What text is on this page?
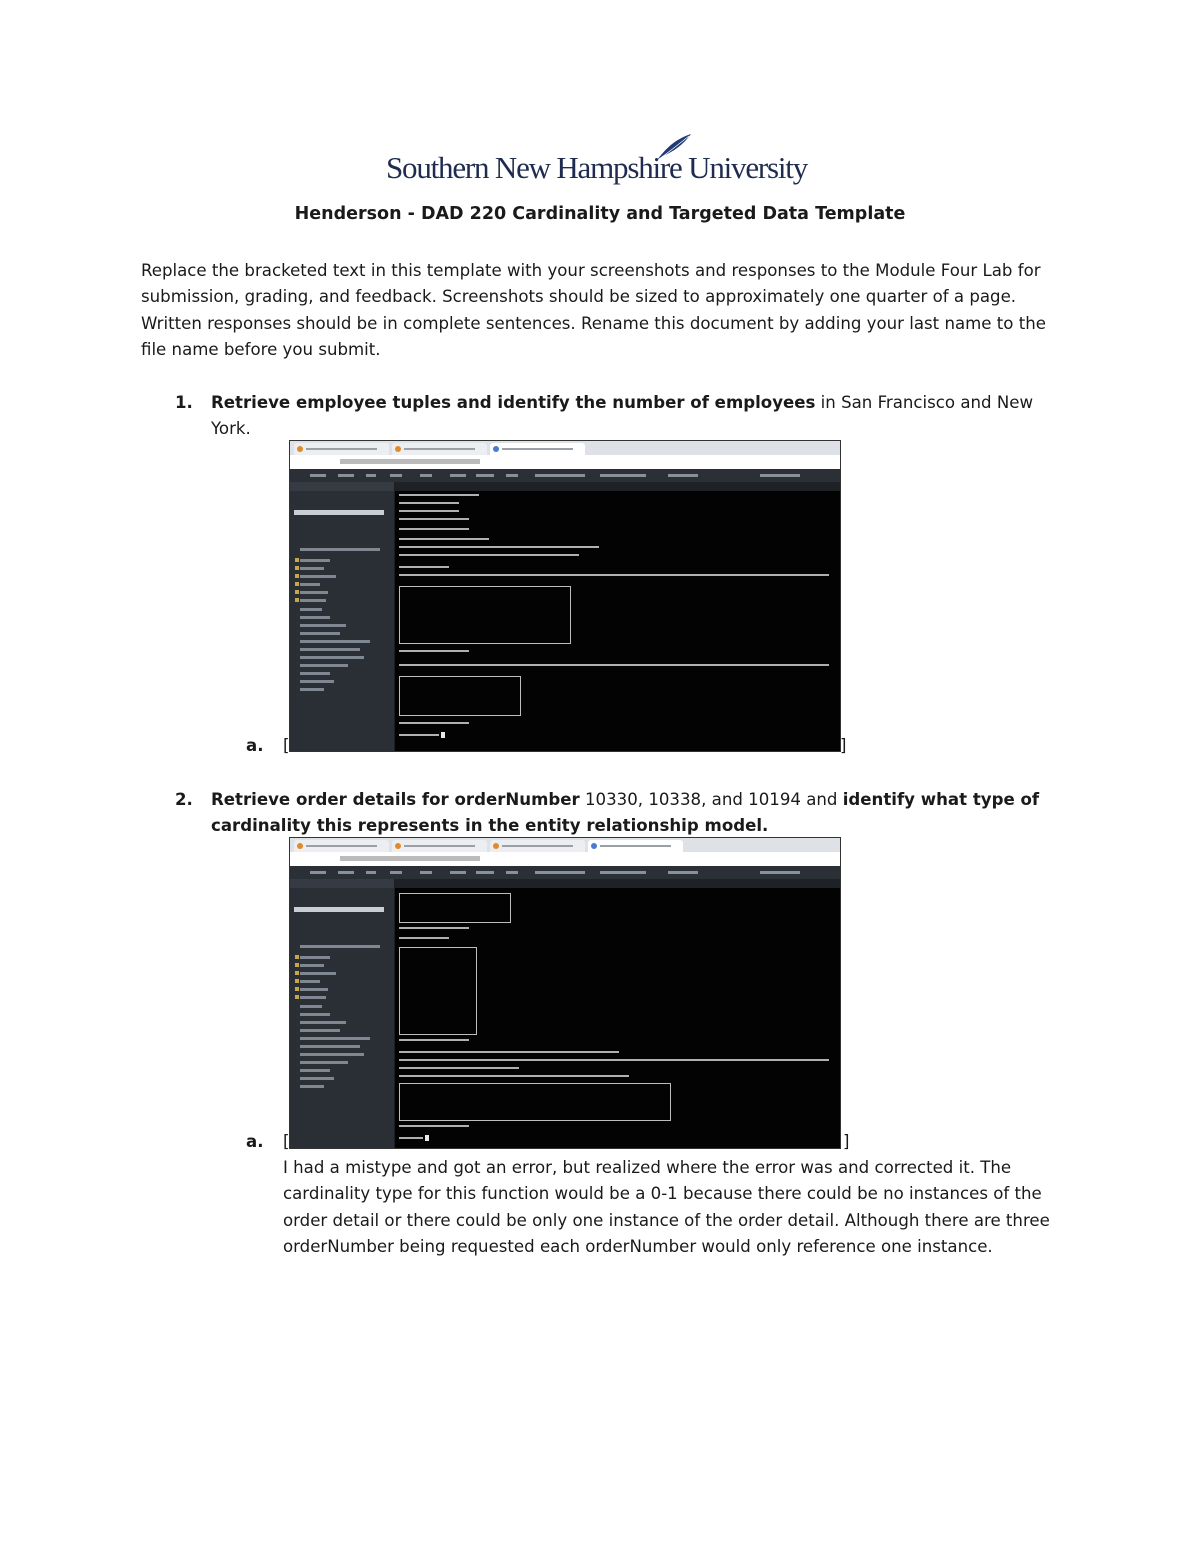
Southern New Hampshire University
Henderson - DAD 220 Cardinality and Targeted Data Template
Replace the bracketed text in this template with your screenshots and responses to the Module Four Lab for submission, grading, and feedback. Screenshots should be sized to approximately one quarter of a page. Written responses should be in complete sentences. Rename this document by adding your last name to the file name before you submit.
1. Retrieve employee tuples and identify the number of employees in San Francisco and New York.
a. [	]
2. Retrieve order details for orderNumber 10330, 10338, and 10194 and identify what type of cardinality this represents in the entity relationship model.
a. [	]
I had a mistype and got an error, but realized where the error was and corrected it. The cardinality type for this function would be a 0-1 because there could be no instances of the order detail or there could be only one instance of the order detail. Although there are three orderNumber being requested each orderNumber would only reference one instance.
